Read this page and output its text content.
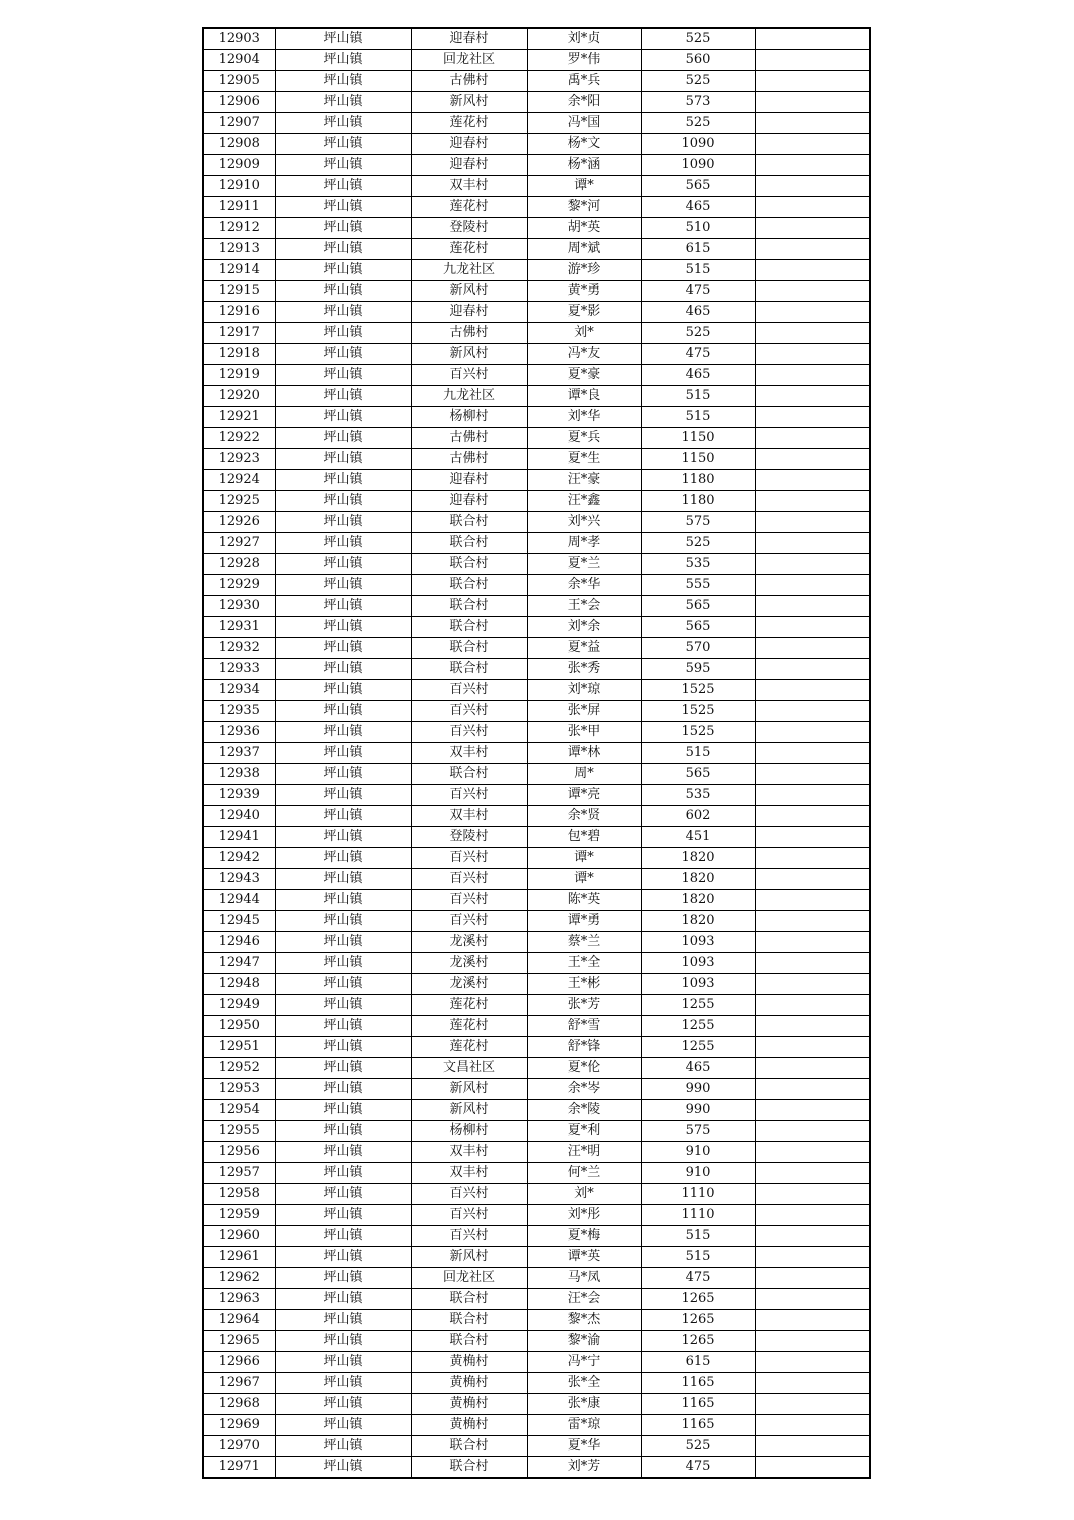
12903	坪山镇	迎春村	刘*贞	525	
12904	坪山镇	回龙社区	罗*伟	560	
12905	坪山镇	古佛村	禹*兵	525	
12906	坪山镇	新风村	余*阳	573	
12907	坪山镇	莲花村	冯*国	525	
12908	坪山镇	迎春村	杨*文	1090	
12909	坪山镇	迎春村	杨*涵	1090	
12910	坪山镇	双丰村	谭*	565	
12911	坪山镇	莲花村	黎*河	465	
12912	坪山镇	登陵村	胡*英	510	
12913	坪山镇	莲花村	周*斌	615	
12914	坪山镇	九龙社区	游*珍	515	
12915	坪山镇	新风村	黄*勇	475	
12916	坪山镇	迎春村	夏*影	465	
12917	坪山镇	古佛村	刘*	525	
12918	坪山镇	新风村	冯*友	475	
12919	坪山镇	百兴村	夏*豪	465	
12920	坪山镇	九龙社区	谭*良	515	
12921	坪山镇	杨柳村	刘*华	515	
12922	坪山镇	古佛村	夏*兵	1150	
12923	坪山镇	古佛村	夏*生	1150	
12924	坪山镇	迎春村	汪*豪	1180	
12925	坪山镇	迎春村	汪*鑫	1180	
12926	坪山镇	联合村	刘*兴	575	
12927	坪山镇	联合村	周*孝	525	
12928	坪山镇	联合村	夏*兰	535	
12929	坪山镇	联合村	余*华	555	
12930	坪山镇	联合村	王*会	565	
12931	坪山镇	联合村	刘*余	565	
12932	坪山镇	联合村	夏*益	570	
12933	坪山镇	联合村	张*秀	595	
12934	坪山镇	百兴村	刘*琼	1525	
12935	坪山镇	百兴村	张*屏	1525	
12936	坪山镇	百兴村	张*甲	1525	
12937	坪山镇	双丰村	谭*林	515	
12938	坪山镇	联合村	周*	565	
12939	坪山镇	百兴村	谭*亮	535	
12940	坪山镇	双丰村	余*贤	602	
12941	坪山镇	登陵村	包*碧	451	
12942	坪山镇	百兴村	谭*	1820	
12943	坪山镇	百兴村	谭*	1820	
12944	坪山镇	百兴村	陈*英	1820	
12945	坪山镇	百兴村	谭*勇	1820	
12946	坪山镇	龙溪村	蔡*兰	1093	
12947	坪山镇	龙溪村	王*全	1093	
12948	坪山镇	龙溪村	王*彬	1093	
12949	坪山镇	莲花村	张*芳	1255	
12950	坪山镇	莲花村	舒*雪	1255	
12951	坪山镇	莲花村	舒*锋	1255	
12952	坪山镇	文昌社区	夏*伦	465	
12953	坪山镇	新风村	余*岑	990	
12954	坪山镇	新风村	余*陵	990	
12955	坪山镇	杨柳村	夏*利	575	
12956	坪山镇	双丰村	汪*明	910	
12957	坪山镇	双丰村	何*兰	910	
12958	坪山镇	百兴村	刘*	1110	
12959	坪山镇	百兴村	刘*彤	1110	
12960	坪山镇	百兴村	夏*梅	515	
12961	坪山镇	新风村	谭*英	515	
12962	坪山镇	回龙社区	马*凤	475	
12963	坪山镇	联合村	汪*会	1265	
12964	坪山镇	联合村	黎*杰	1265	
12965	坪山镇	联合村	黎*渝	1265	
12966	坪山镇	黄桷村	冯*宁	615	
12967	坪山镇	黄桷村	张*全	1165	
12968	坪山镇	黄桷村	张*康	1165	
12969	坪山镇	黄桷村	雷*琼	1165	
12970	坪山镇	联合村	夏*华	525	
12971	坪山镇	联合村	刘*芳	475	
